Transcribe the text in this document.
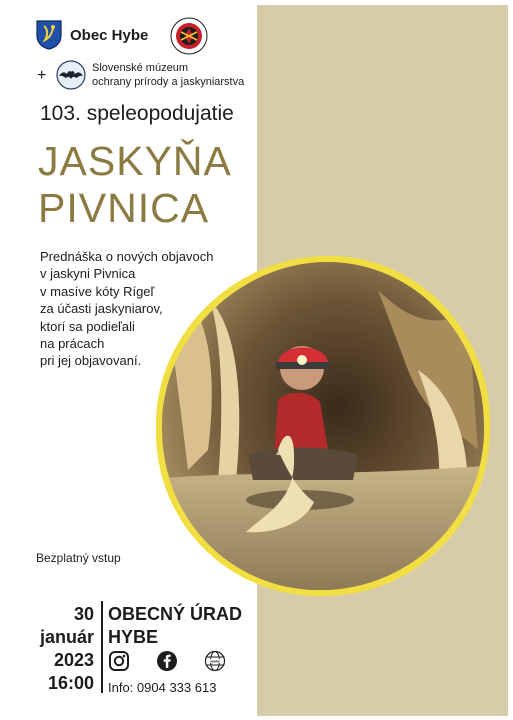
Obec Hybe
+	Slovenské múzeum
ochrany prírody a jaskyniarstva
103. speleopodujatie
JASKYŇA
PIVNICA
Prednáška o nových objavoch
v jaskyni Pivnica
v masíve kóty Rígeľ
za účasti jaskyniarov,
ktorí sa podieľali
na prácach
pri jej objavovaní.
Bezplatný vstup
30
január
2023
16:00
OBECNÝ ÚRAD
HYBE
www
Info: 0904 333 613
